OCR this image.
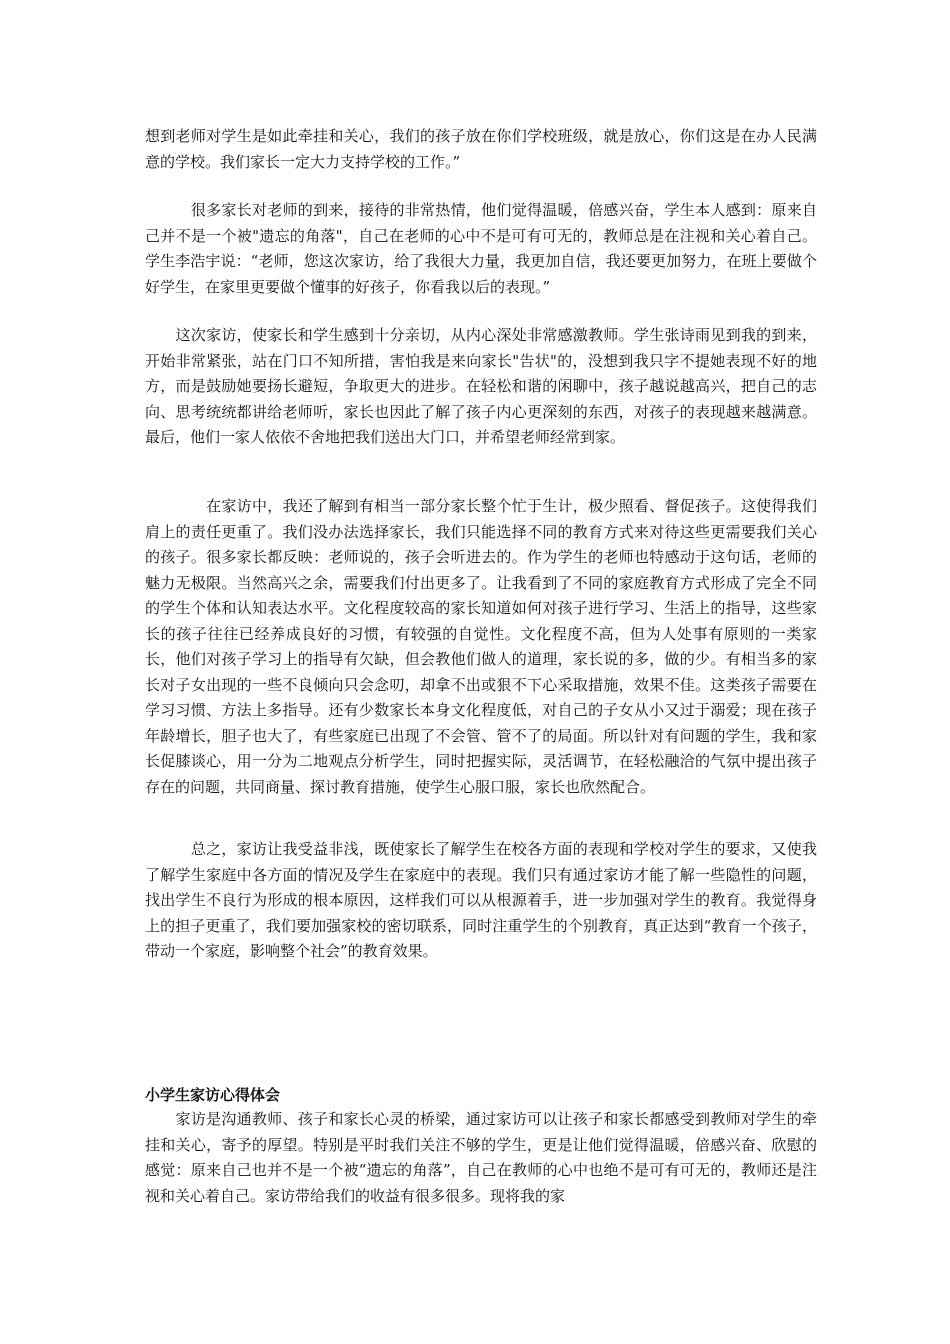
想到老师对学生是如此牵挂和关心，我们的孩子放在你们学校班级，就是放心，你们这是在办人民满意的学校。我们家长一定大力支持学校的工作。”

　　　很多家长对老师的到来，接待的非常热情，他们觉得温暖，倍感兴奋，学生本人感到：原来自己并不是一个被"遗忘的角落"，自己在老师的心中不是可有可无的，教师总是在注视和关心着自己。学生李浩宇说：“老师，您这次家访，给了我很大力量，我更加自信，我还要更加努力，在班上要做个好学生，在家里更要做个懂事的好孩子，你看我以后的表现。”

　　这次家访，使家长和学生感到十分亲切，从内心深处非常感激教师。学生张诗雨见到我的到来，开始非常紧张，站在门口不知所措，害怕我是来向家长"告状"的，没想到我只字不提她表现不好的地方，而是鼓励她要扬长避短，争取更大的进步。在轻松和谐的闲聊中，孩子越说越高兴，把自己的志向、思考统统都讲给老师听，家长也因此了解了孩子内心更深刻的东西，对孩子的表现越来越满意。最后，他们一家人依依不舍地把我们送出大门口，并希望老师经常到家。

　　　　在家访中，我还了解到有相当一部分家长整个忙于生计，极少照看、督促孩子。这使得我们肩上的责任更重了。我们没办法选择家长，我们只能选择不同的教育方式来对待这些更需要我们关心的孩子。很多家长都反映：老师说的，孩子会听进去的。作为学生的老师也特感动于这句话，老师的魅力无极限。当然高兴之余，需要我们付出更多了。让我看到了不同的家庭教育方式形成了完全不同的学生个体和认知表达水平。文化程度较高的家长知道如何对孩子进行学习、生活上的指导，这些家长的孩子往往已经养成良好的习惯，有较强的自觉性。文化程度不高，但为人处事有原则的一类家长，他们对孩子学习上的指导有欠缺，但会教他们做人的道理，家长说的多，做的少。有相当多的家长对子女出现的一些不良倾向只会念叨，却拿不出或狠不下心采取措施，效果不佳。这类孩子需要在学习习惯、方法上多指导。还有少数家长本身文化程度低，对自己的子女从小又过于溺爱；现在孩子年龄增长，胆子也大了，有些家庭已出现了不会管、管不了的局面。所以针对有问题的学生，我和家长促膝谈心，用一分为二地观点分析学生，同时把握实际，灵活调节，在轻松融洽的气氛中提出孩子存在的问题，共同商量、探讨教育措施，使学生心服口服，家长也欣然配合。

　　　总之，家访让我受益非浅，既使家长了解学生在校各方面的表现和学校对学生的要求，又使我了解学生家庭中各方面的情况及学生在家庭中的表现。我们只有通过家访才能了解一些隐性的问题，找出学生不良行为形成的根本原因，这样我们可以从根源着手，进一步加强对学生的教育。我觉得身上的担子更重了，我们要加强家校的密切联系，同时注重学生的个别教育，真正达到“教育一个孩子，带动一个家庭，影响整个社会”的教育效果。

小学生家访心得体会

　　家访是沟通教师、孩子和家长心灵的桥梁，通过家访可以让孩子和家长都感受到教师对学生的牵挂和关心，寄予的厚望。特别是平时我们关注不够的学生，更是让他们觉得温暖，倍感兴奋、欣慰的感觉：原来自己也并不是一个被“遗忘的角落”，自己在教师的心中也绝不是可有可无的，教师还是注视和关心着自己。家访带给我们的收益有很多很多。现将我的家
